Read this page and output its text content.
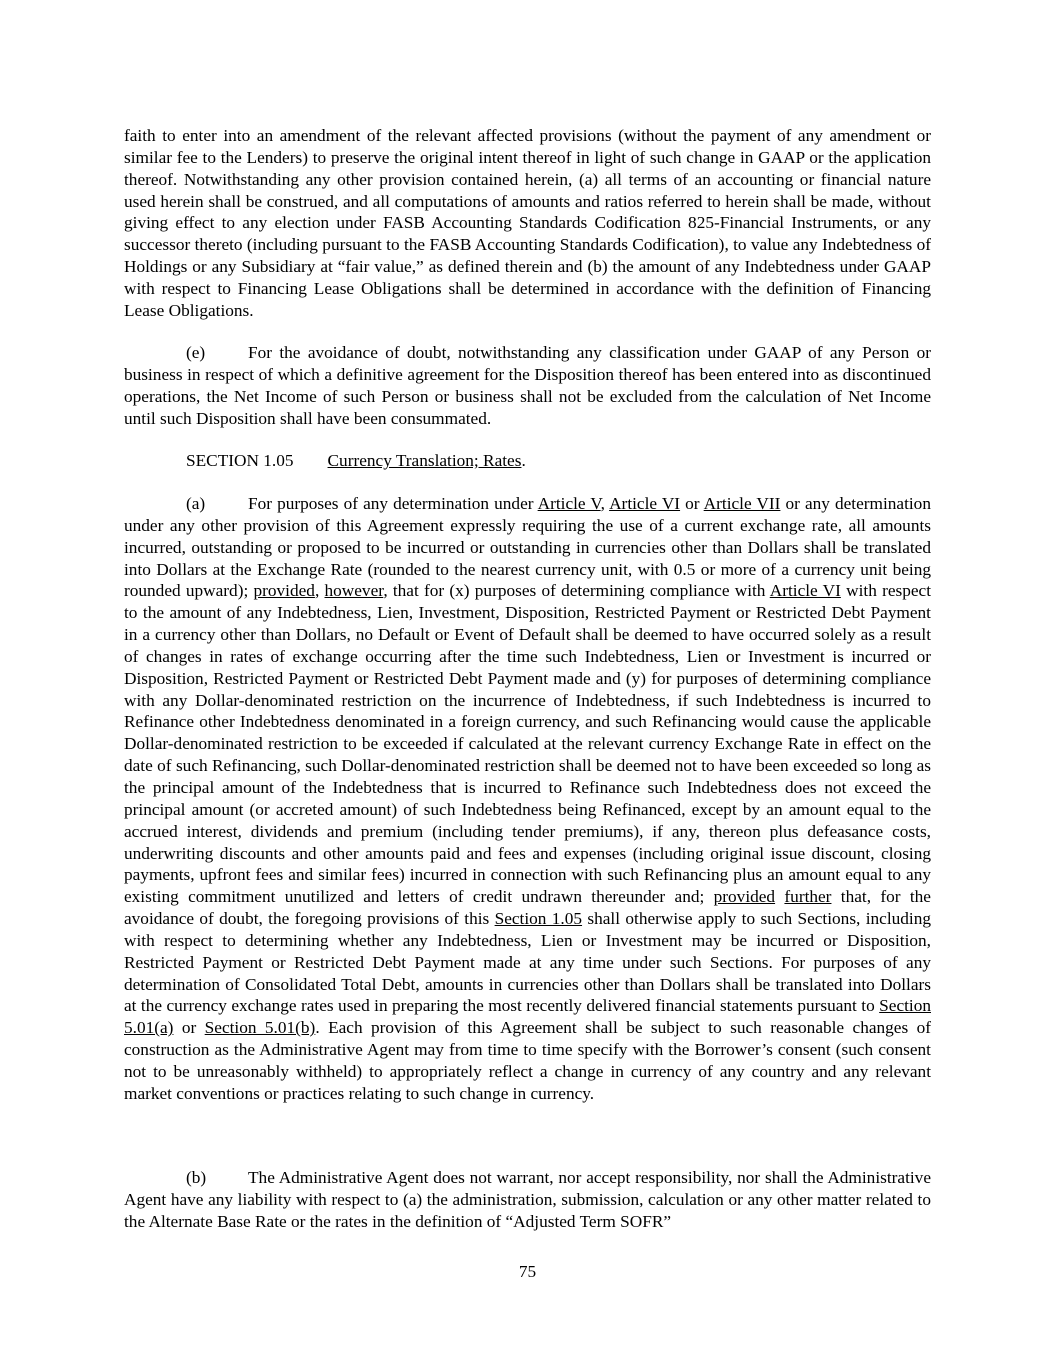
faith to enter into an amendment of the relevant affected provisions (without the payment of any amendment or similar fee to the Lenders) to preserve the original intent thereof in light of such change in GAAP or the application thereof. Notwithstanding any other provision contained herein, (a) all terms of an accounting or financial nature used herein shall be construed, and all computations of amounts and ratios referred to herein shall be made, without giving effect to any election under FASB Accounting Standards Codification 825-Financial Instruments, or any successor thereto (including pursuant to the FASB Accounting Standards Codification), to value any Indebtedness of Holdings or any Subsidiary at “fair value,” as defined therein and (b) the amount of any Indebtedness under GAAP with respect to Financing Lease Obligations shall be determined in accordance with the definition of Financing Lease Obligations.

(e) For the avoidance of doubt, notwithstanding any classification under GAAP of any Person or business in respect of which a definitive agreement for the Disposition thereof has been entered into as discontinued operations, the Net Income of such Person or business shall not be excluded from the calculation of Net Income until such Disposition shall have been consummated.

SECTION 1.05 Currency Translation; Rates.

(a) For purposes of any determination under Article V, Article VI or Article VII or any determination under any other provision of this Agreement expressly requiring the use of a current exchange rate, all amounts incurred, outstanding or proposed to be incurred or outstanding in currencies other than Dollars shall be translated into Dollars at the Exchange Rate (rounded to the nearest currency unit, with 0.5 or more of a currency unit being rounded upward); provided, however, that for (x) purposes of determining compliance with Article VI with respect to the amount of any Indebtedness, Lien, Investment, Disposition, Restricted Payment or Restricted Debt Payment in a currency other than Dollars, no Default or Event of Default shall be deemed to have occurred solely as a result of changes in rates of exchange occurring after the time such Indebtedness, Lien or Investment is incurred or Disposition, Restricted Payment or Restricted Debt Payment made and (y) for purposes of determining compliance with any Dollar-denominated restriction on the incurrence of Indebtedness, if such Indebtedness is incurred to Refinance other Indebtedness denominated in a foreign currency, and such Refinancing would cause the applicable Dollar-denominated restriction to be exceeded if calculated at the relevant currency Exchange Rate in effect on the date of such Refinancing, such Dollar-denominated restriction shall be deemed not to have been exceeded so long as the principal amount of the Indebtedness that is incurred to Refinance such Indebtedness does not exceed the principal amount (or accreted amount) of such Indebtedness being Refinanced, except by an amount equal to the accrued interest, dividends and premium (including tender premiums), if any, thereon plus defeasance costs, underwriting discounts and other amounts paid and fees and expenses (including original issue discount, closing payments, upfront fees and similar fees) incurred in connection with such Refinancing plus an amount equal to any existing commitment unutilized and letters of credit undrawn thereunder and; provided further that, for the avoidance of doubt, the foregoing provisions of this Section 1.05 shall otherwise apply to such Sections, including with respect to determining whether any Indebtedness, Lien or Investment may be incurred or Disposition, Restricted Payment or Restricted Debt Payment made at any time under such Sections. For purposes of any determination of Consolidated Total Debt, amounts in currencies other than Dollars shall be translated into Dollars at the currency exchange rates used in preparing the most recently delivered financial statements pursuant to Section 5.01(a) or Section 5.01(b). Each provision of this Agreement shall be subject to such reasonable changes of construction as the Administrative Agent may from time to time specify with the Borrower’s consent (such consent not to be unreasonably withheld) to appropriately reflect a change in currency of any country and any relevant market conventions or practices relating to such change in currency.

(b) The Administrative Agent does not warrant, nor accept responsibility, nor shall the Administrative Agent have any liability with respect to (a) the administration, submission, calculation or any other matter related to the Alternate Base Rate or the rates in the definition of “Adjusted Term SOFR”

75
